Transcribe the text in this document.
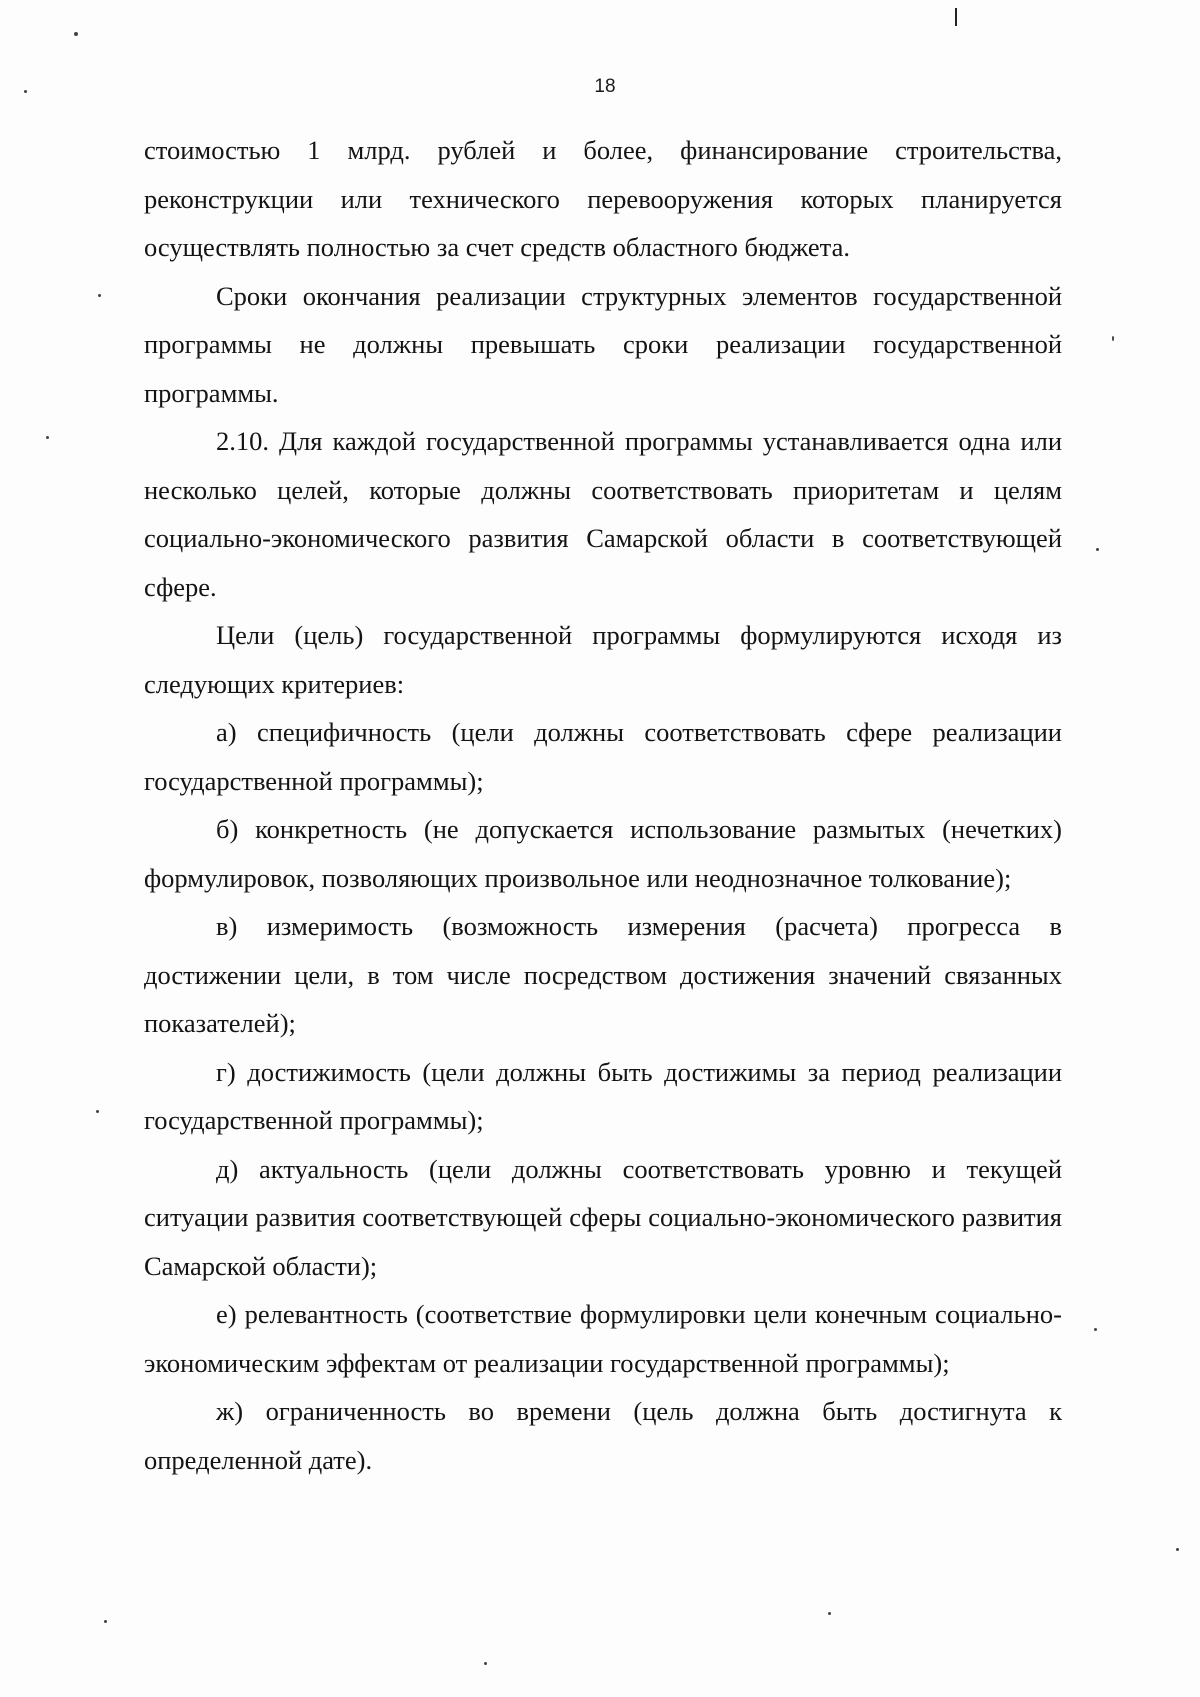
18

стоимостью 1 млрд. рублей и более, финансирование строительства, реконструкции или технического перевооружения которых планируется осуществлять полностью за счет средств областного бюджета.

Сроки окончания реализации структурных элементов государственной программы не должны превышать сроки реализации государственной программы.

2.10. Для каждой государственной программы устанавливается одна или несколько целей, которые должны соответствовать приоритетам и целям социально-экономического развития Самарской области в соответствующей сфере.

Цели (цель) государственной программы формулируются исходя из следующих критериев:

а) специфичность (цели должны соответствовать сфере реализации государственной программы);

б) конкретность (не допускается использование размытых (нечетких) формулировок, позволяющих произвольное или неоднозначное толкование);

в) измеримость (возможность измерения (расчета) прогресса в достижении цели, в том числе посредством достижения значений связанных показателей);

г) достижимость (цели должны быть достижимы за период реализации государственной программы);

д) актуальность (цели должны соответствовать уровню и текущей ситуации развития соответствующей сферы социально-экономического развития Самарской области);

е) релевантность (соответствие формулировки цели конечным социально-экономическим эффектам от реализации государственной программы);

ж) ограниченность во времени (цель должна быть достигнута к определенной дате).
